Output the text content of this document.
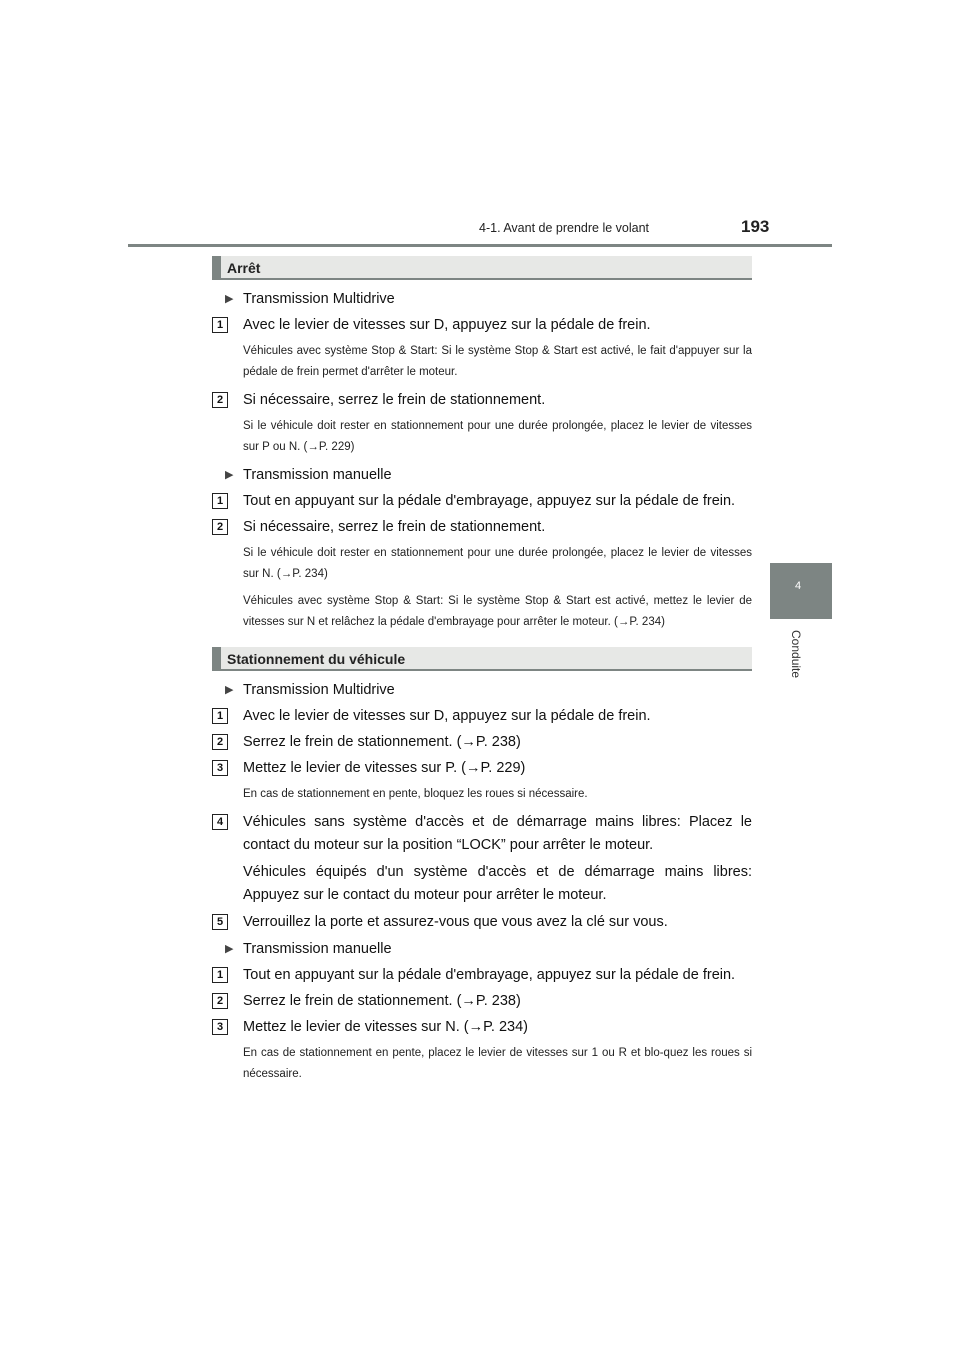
4-1. Avant de prendre le volant	193
4
Conduite
Arrêt
▶ Transmission Multidrive
1	Avec le levier de vitesses sur D, appuyez sur la pédale de frein.
Véhicules avec système Stop & Start: Si le système Stop & Start est activé, le fait d'appuyer sur la pédale de frein permet d'arrêter le moteur.
2	Si nécessaire, serrez le frein de stationnement.
Si le véhicule doit rester en stationnement pour une durée prolongée, placez le levier de vitesses sur P ou N. (→P. 229)
▶ Transmission manuelle
1	Tout en appuyant sur la pédale d'embrayage, appuyez sur la pédale de frein.
2	Si nécessaire, serrez le frein de stationnement.
Si le véhicule doit rester en stationnement pour une durée prolongée, placez le levier de vitesses sur N. (→P. 234)
Véhicules avec système Stop & Start: Si le système Stop & Start est activé, mettez le levier de vitesses sur N et relâchez la pédale d'embrayage pour arrêter le moteur. (→P. 234)
Stationnement du véhicule
▶ Transmission Multidrive
1	Avec le levier de vitesses sur D, appuyez sur la pédale de frein.
2	Serrez le frein de stationnement. (→P. 238)
3	Mettez le levier de vitesses sur P. (→P. 229)
En cas de stationnement en pente, bloquez les roues si nécessaire.
4	Véhicules sans système d'accès et de démarrage mains libres: Placez le contact du moteur sur la position “LOCK” pour arrêter le moteur.
Véhicules équipés d'un système d'accès et de démarrage mains libres: Appuyez sur le contact du moteur pour arrêter le moteur.
5	Verrouillez la porte et assurez-vous que vous avez la clé sur vous.
▶ Transmission manuelle
1	Tout en appuyant sur la pédale d'embrayage, appuyez sur la pédale de frein.
2	Serrez le frein de stationnement. (→P. 238)
3	Mettez le levier de vitesses sur N. (→P. 234)
En cas de stationnement en pente, placez le levier de vitesses sur 1 ou R et blo-quez les roues si nécessaire.
